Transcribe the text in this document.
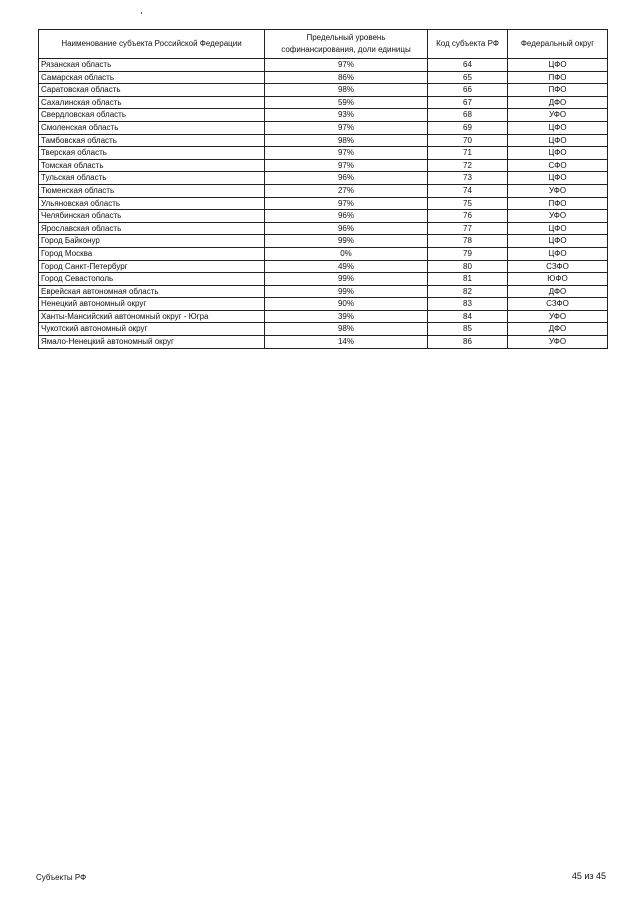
Наименование субъекта Российской Федерации	Предельный уровень софинансирования, доли единицы	Код субъекта РФ	Федеральный округ
Рязанская область	97%	64	ЦФО
Самарская область	86%	65	ПФО
Саратовская область	98%	66	ПФО
Сахалинская область	59%	67	ДФО
Свердловская область	93%	68	УФО
Смоленская область	97%	69	ЦФО
Тамбовская область	98%	70	ЦФО
Тверская область	97%	71	ЦФО
Томская область	97%	72	СФО
Тульская область	96%	73	ЦФО
Тюменская область	27%	74	УФО
Ульяновская область	97%	75	ПФО
Челябинская область	96%	76	УФО
Ярославская область	96%	77	ЦФО
Город Байконур	99%	78	ЦФО
Город Москва	0%	79	ЦФО
Город Санкт-Петербург	49%	80	СЗФО
Город Севастополь	99%	81	ЮФО
Еврейская автономная область	99%	82	ДФО
Ненецкий автономный округ	90%	83	СЗФО
Ханты-Мансийский автономный округ - Югра	39%	84	УФО
Чукотский автономный округ	98%	85	ДФО
Ямало-Ненецкий автономный округ	14%	86	УФО
Субъекты РФ	45 из 45
